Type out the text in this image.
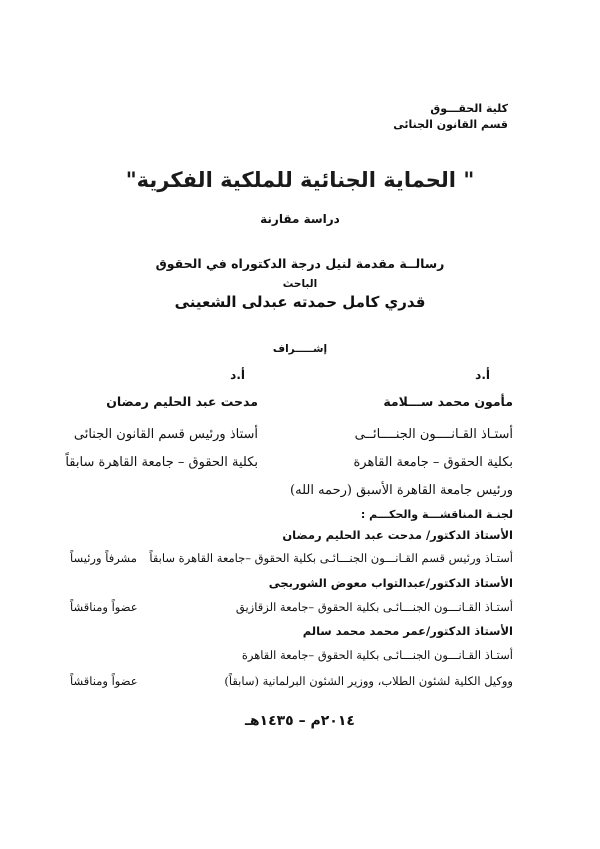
كلية الحقـــوق
قسم القانون الجنائى
" الحماية الجنائية للملكية الفكرية"
دراسة مقارنة
رسالــة مقدمة لنيل درجة الدكتوراه في الحقوق
الباحث
قدري كامل حمدته عبدلى الشعينى
إشـــــراف
أ.د
مأمون محمد ســـلامة
أستـاذ القـانــــون الجنــــائــى
بكلية الحقوق – جامعة القاهرة
ورئيس جامعة القاهرة الأسبق (رحمه الله)
أ.د
مدحت عبد الحليم رمضان
أستاذ ورئيس قسم القانون الجنائى
بكلية الحقوق – جامعة القاهرة سابقاً
لجنـة المناقشـــة والحكـــم :
الأستاذ الدكتور/ مدحت عبد الحليم رمضان
أستـاذ ورئيس قسم القـانـــون الجنـــائـى بكلية الحقوق –جامعة القاهرة سابقاً
مشرفاً ورئيساً
الأستاذ الدكتور/عبدالتواب معوض الشوربجى
أستـاذ القـانـــون الجنـــائـى بكلية الحقوق –جامعة الزقازيق
عضواً ومناقشاً
الأستاذ الدكتور/عمر محمد محمد سالم
أستـاذ القـانـــون الجنـــائـى بكلية الحقوق –جامعة القاهرة
ووكيل الكلية لشئون الطلاب، ووزير الشئون البرلمانية (سابقاً)
عضواً ومناقشاً
٢٠١٤م – ١٤٣٥هـ
